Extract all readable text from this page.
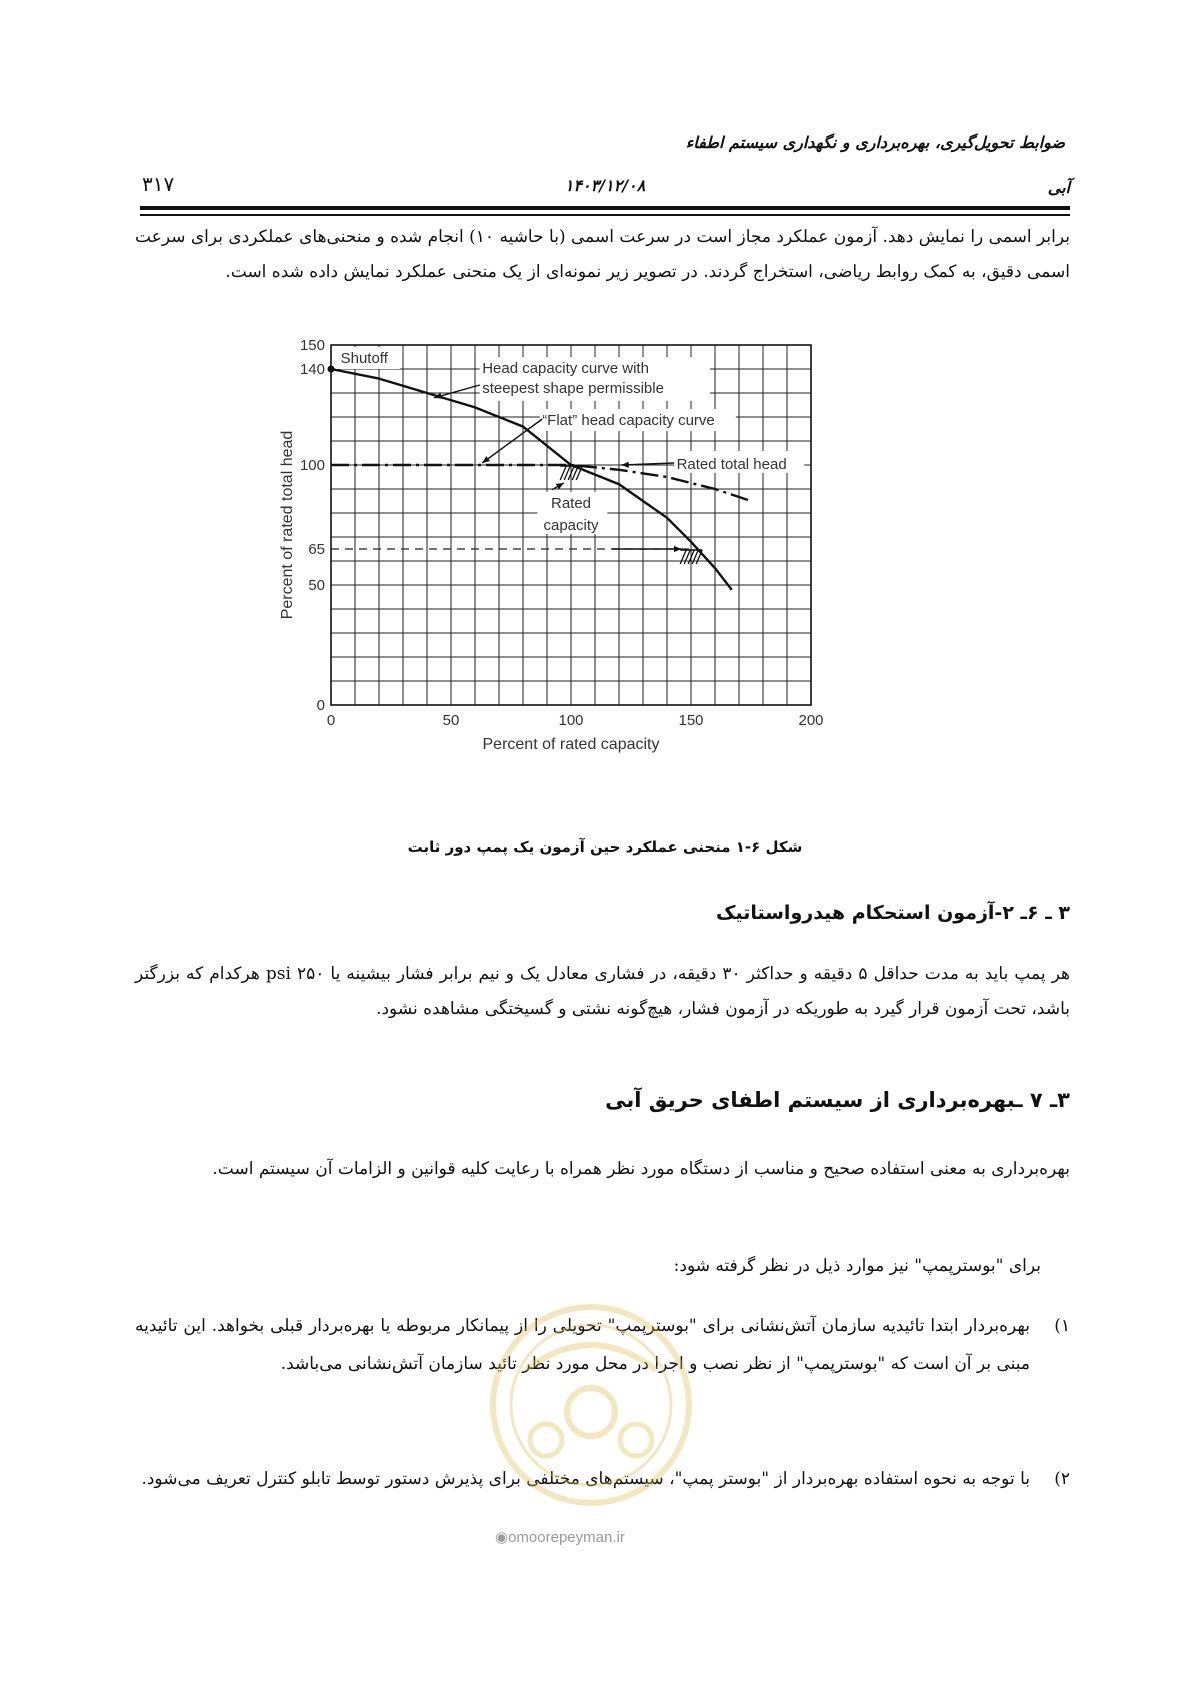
ضوابط تحویل‌گیری، بهره‌برداری و نگهداری سیستم اطفاء
۳۱۷	۱۴۰۳/۱۲/۰۸	آبی
برابر اسمی را نمایش دهد. آزمون عملکرد مجاز است در سرعت اسمی (با حاشیه ۱۰) انجام شده و منحنی‌های عملکردی برای سرعت اسمی دقیق، به کمک روابط ریاضی، استخراج گردند. در تصویر زیر نمونه‌ای از یک منحنی عملکرد نمایش داده شده است.
0	50	100	150	200
0
50
65
100
140
150
Percent of rated capacity
Percent of rated total head
Shutoff
Head capacity curve with
steepest shape permissible
“Flat” head capacity curve
Rated total head
Rated
capacity
شکل ۶-۱ منحنی عملکرد حین آزمون یک پمپ دور ثابت
۳ ـ ۶ـ ۲-آزمون استحکام هیدرواستاتیک
هر پمپ باید به مدت حداقل ۵ دقیقه و حداکثر ۳۰ دقیقه، در فشاری معادل یک و نیم برابر فشار بیشینه یا ۲۵۰ psi هرکدام که بزرگتر باشد، تحت آزمون قرار گیرد به طوریکه در آزمون فشار، هیچ‌گونه نشتی و گسیختگی مشاهده نشود.
۳ـ ۷ ـبهره‌برداری از سیستم اطفای حریق آبی
بهره‌برداری به معنی استفاده صحیح و مناسب از دستگاه مورد نظر همراه با رعایت کلیه قوانین و الزامات آن سیستم است.
برای "بوسترپمپ" نیز موارد ذیل در نظر گرفته شود:
۱)
بهره‌بردار ابتدا تائیدیه سازمان آتش‌نشانی برای "بوسترپمپ" تحویلی را از پیمانکار مربوطه یا بهره‌بردار قبلی بخواهد. این تائیدیه مبنی بر آن است که "بوسترپمپ" از نظر نصب و اجرا در محل مورد نظر تائید سازمان آتش‌نشانی می‌باشد.
۲)
با توجه به نحوه استفاده بهره‌بردار از "بوستر پمپ"، سیستم‌های مختلفی برای پذیرش دستور توسط تابلو کنترل تعریف می‌شود.
◉omoorepeyman.ir
